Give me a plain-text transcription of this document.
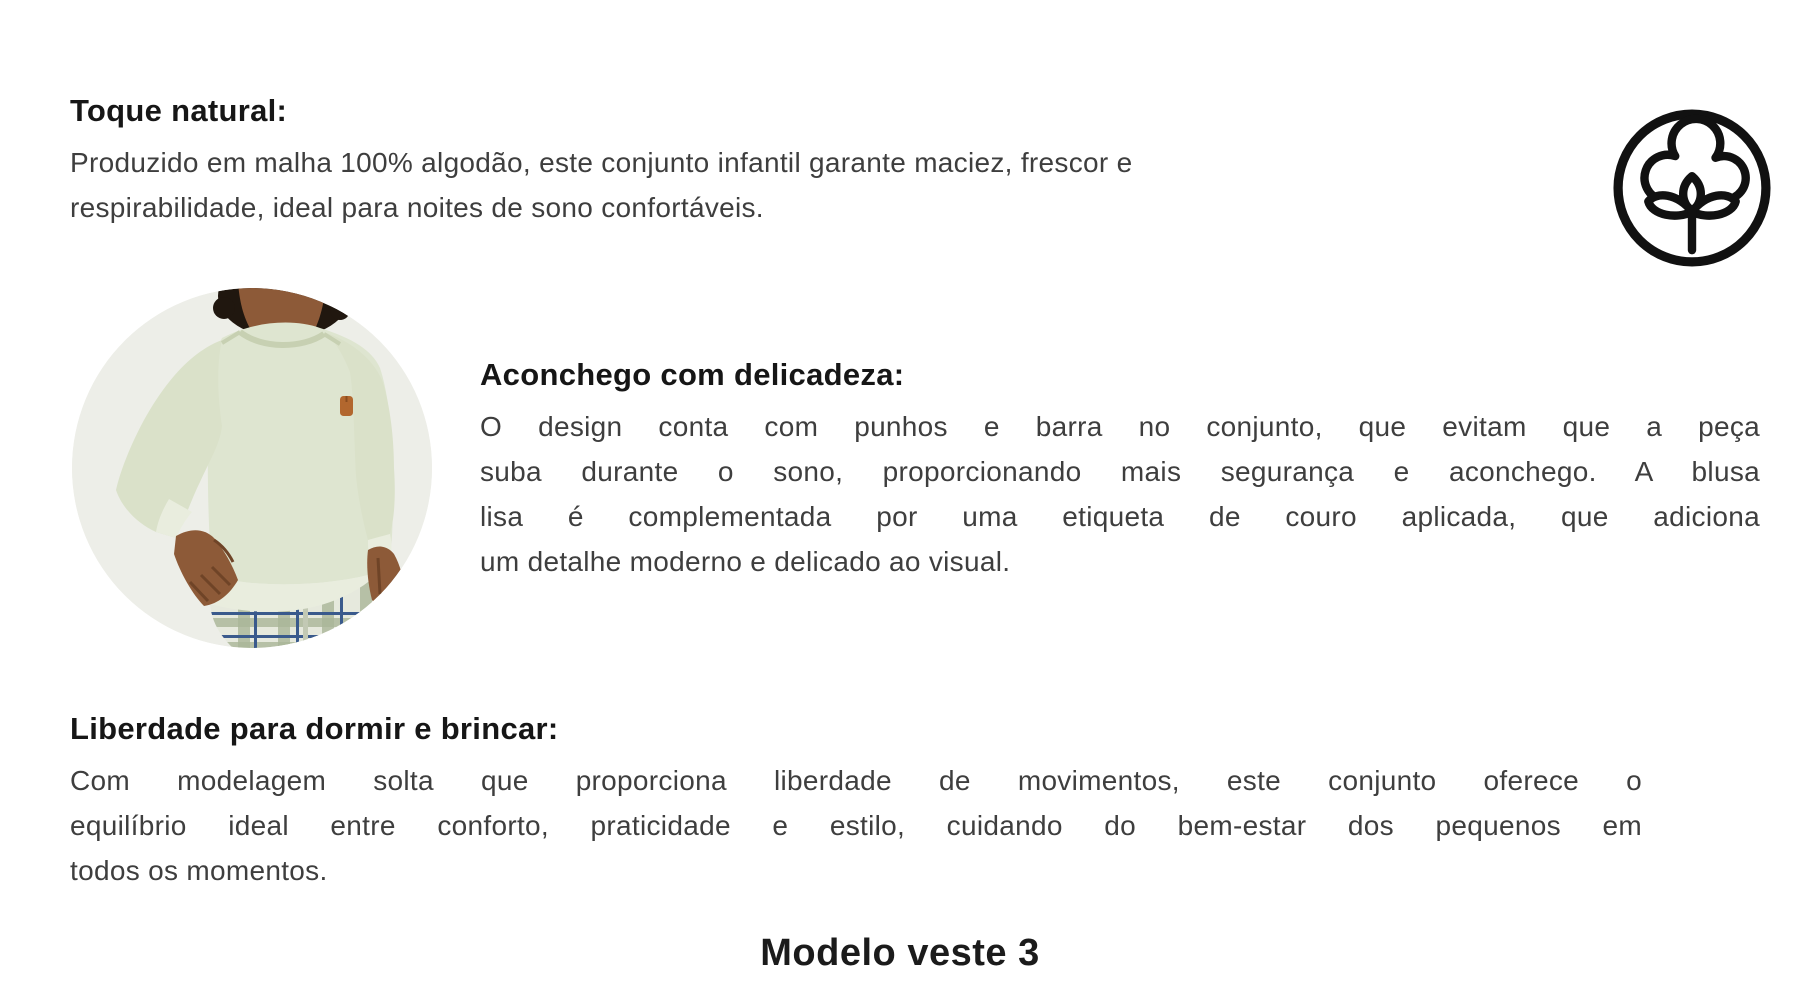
Toque natural:
Produzido em malha 100% algodão, este conjunto infantil garante maciez, frescor e
respirabilidade, ideal para noites de sono confortáveis.
Aconchego com delicadeza:
O design conta com punhos e barra no conjunto, que evitam que a peça
suba durante o sono, proporcionando mais segurança e aconchego. A blusa
lisa é complementada por uma etiqueta de couro aplicada, que adiciona
um detalhe moderno e delicado ao visual.
Liberdade para dormir e brincar:
Com modelagem solta que proporciona liberdade de movimentos, este conjunto oferece o
equilíbrio ideal entre conforto, praticidade e estilo, cuidando do bem-estar dos pequenos em
todos os momentos.
Modelo veste 3
